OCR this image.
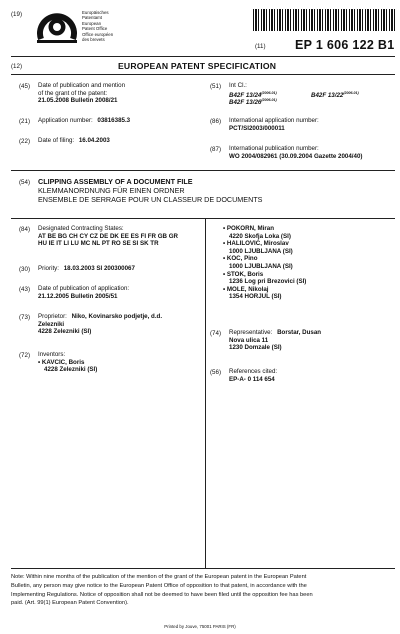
(19)	Europäisches
Patentamt
European
Patent Office
Office européen
des brevets
(11) EP 1 606 122 B1
(12)	EUROPEAN PATENT SPECIFICATION
(45) Date of publication and mention
of the grant of the patent:
21.05.2008 Bulletin 2008/21
(21) Application number: 03816385.3
(22) Date of filing: 16.04.2003
(51) Int Cl.:
B42F $13/24^{(2006.01)}$	B42F $13/22^{(2006.01)}$
B42F $13/26^{(2006.01)}$
(86) International application number:
PCT/SI2003/000011
(87) International publication number:
WO 2004/082961 (30.09.2004 Gazette 2004/40)
(54) CLIPPING ASSEMBLY OF A DOCUMENT FILE
KLEMMANORDNUNG FÜR EINEN ORDNER
ENSEMBLE DE SERRAGE POUR UN CLASSEUR DE DOCUMENTS
(84) Designated Contracting States:
AT BE BG CH CY CZ DE DK EE ES FI FR GB GR
HU IE IT LI LU MC NL PT RO SE SI SK TR
(30) Priority: 18.03.2003 SI 200300067
(43) Date of publication of application:
21.12.2005 Bulletin 2005/51
(73) Proprietor: Niko, Kovinarsko podjetje, d.d.
Zelezniki
4228 Zelezniki (SI)
(72) Inventors:
• KAVCIC, Boris
4228 Zelezniki (SI)
• POKORN, Miran
4220 Skofja Loka (SI)
• HALILOVIC, Miroslav
1000 LJUBLJANA (SI)
• KOC, Pino
1000 LJUBLJANA (SI)
• STOK, Boris
1236 Log pri Brezovici (SI)
• MOLE, Nikolaj
1354 HORJUL (SI)
(74) Representative: Borstar, Dusan
Nova ulica 11
1230 Domzale (SI)
(56) References cited:
EP-A- 0 114 654
Note: Within nine months of the publication of the mention of the grant of the European patent in the European Patent
Bulletin, any person may give notice to the European Patent Office of opposition to that patent, in accordance with the
Implementing Regulations. Notice of opposition shall not be deemed to have been filed until the opposition fee has been
paid. (Art. 99(1) European Patent Convention).
Printed by Jouve, 75001 PARIS (FR)
